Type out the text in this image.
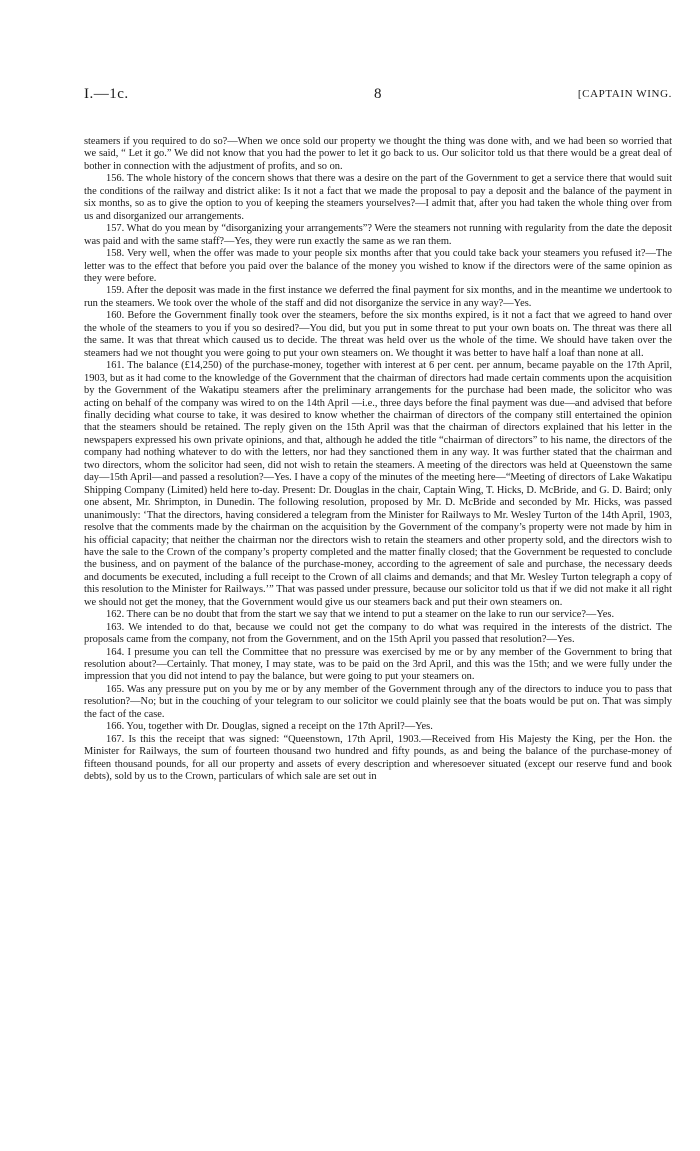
I.—1c.	8	[CAPTAIN WING.

steamers if you required to do so?—When we once sold our property we thought the thing was done with, and we had been so worried that we said, “ Let it go.” We did not know that you had the power to let it go back to us. Our solicitor told us that there would be a great deal of bother in connection with the adjustment of profits, and so on.

156. The whole history of the concern shows that there was a desire on the part of the Government to get a service there that would suit the conditions of the railway and district alike: Is it not a fact that we made the proposal to pay a deposit and the balance of the payment in six months, so as to give the option to you of keeping the steamers yourselves?—I admit that, after you had taken the whole thing over from us and disorganized our arrangements.

157. What do you mean by “disorganizing your arrangements”? Were the steamers not running with regularity from the date the deposit was paid and with the same staff?—Yes, they were run exactly the same as we ran them.

158. Very well, when the offer was made to your people six months after that you could take back your steamers you refused it?—The letter was to the effect that before you paid over the balance of the money you wished to know if the directors were of the same opinion as they were before.

159. After the deposit was made in the first instance we deferred the final payment for six months, and in the meantime we undertook to run the steamers. We took over the whole of the staff and did not disorganize the service in any way?—Yes.

160. Before the Government finally took over the steamers, before the six months expired, is it not a fact that we agreed to hand over the whole of the steamers to you if you so desired?—You did, but you put in some threat to put your own boats on. The threat was there all the same. It was that threat which caused us to decide. The threat was held over us the whole of the time. We should have taken over the steamers had we not thought you were going to put your own steamers on. We thought it was better to have half a loaf than none at all.

161. The balance (£14,250) of the purchase-money, together with interest at 6 per cent. per annum, became payable on the 17th April, 1903, but as it had come to the knowledge of the Government that the chairman of directors had made certain comments upon the acquisition by the Government of the Wakatipu steamers after the preliminary arrangements for the purchase had been made, the solicitor who was acting on behalf of the company was wired to on the 14th April —i.e., three days before the final payment was due—and advised that before finally deciding what course to take, it was desired to know whether the chairman of directors of the company still entertained the opinion that the steamers should be retained. The reply given on the 15th April was that the chairman of directors explained that his letter in the newspapers expressed his own private opinions, and that, although he added the title “chairman of directors” to his name, the directors of the company had nothing whatever to do with the letters, nor had they sanctioned them in any way. It was further stated that the chairman and two directors, whom the solicitor had seen, did not wish to retain the steamers. A meeting of the directors was held at Queenstown the same day—15th April—and passed a resolution?—Yes. I have a copy of the minutes of the meeting here—“Meeting of directors of Lake Wakatipu Shipping Company (Limited) held here to-day. Present: Dr. Douglas in the chair, Captain Wing, T. Hicks, D. McBride, and G. D. Baird; only one absent, Mr. Shrimpton, in Dunedin. The following resolution, proposed by Mr. D. McBride and seconded by Mr. Hicks, was passed unanimously: ‘That the directors, having considered a telegram from the Minister for Railways to Mr. Wesley Turton of the 14th April, 1903, resolve that the comments made by the chairman on the acquisition by the Government of the company’s property were not made by him in his official capacity; that neither the chairman nor the directors wish to retain the steamers and other property sold, and the directors wish to have the sale to the Crown of the company’s property completed and the matter finally closed; that the Government be requested to conclude the business, and on payment of the balance of the purchase-money, according to the agreement of sale and purchase, the necessary deeds and documents be executed, including a full receipt to the Crown of all claims and demands; and that Mr. Wesley Turton telegraph a copy of this resolution to the Minister for Railways.’” That was passed under pressure, because our solicitor told us that if we did not make it all right we should not get the money, that the Government would give us our steamers back and put their own steamers on.

162. There can be no doubt that from the start we say that we intend to put a steamer on the lake to run our service?—Yes.

163. We intended to do that, because we could not get the company to do what was required in the interests of the district. The proposals came from the company, not from the Government, and on the 15th April you passed that resolution?—Yes.

164. I presume you can tell the Committee that no pressure was exercised by me or by any member of the Government to bring that resolution about?—Certainly. That money, I may state, was to be paid on the 3rd April, and this was the 15th; and we were fully under the impression that you did not intend to pay the balance, but were going to put your steamers on.

165. Was any pressure put on you by me or by any member of the Government through any of the directors to induce you to pass that resolution?—No; but in the couching of your telegram to our solicitor we could plainly see that the boats would be put on. That was simply the fact of the case.

166. You, together with Dr. Douglas, signed a receipt on the 17th April?—Yes.

167. Is this the receipt that was signed: “Queenstown, 17th April, 1903.—Received from His Majesty the King, per the Hon. the Minister for Railways, the sum of fourteen thousand two hundred and fifty pounds, as and being the balance of the purchase-money of fifteen thousand pounds, for all our property and assets of every description and wheresoever situated (except our reserve fund and book debts), sold by us to the Crown, particulars of which sale are set out in
